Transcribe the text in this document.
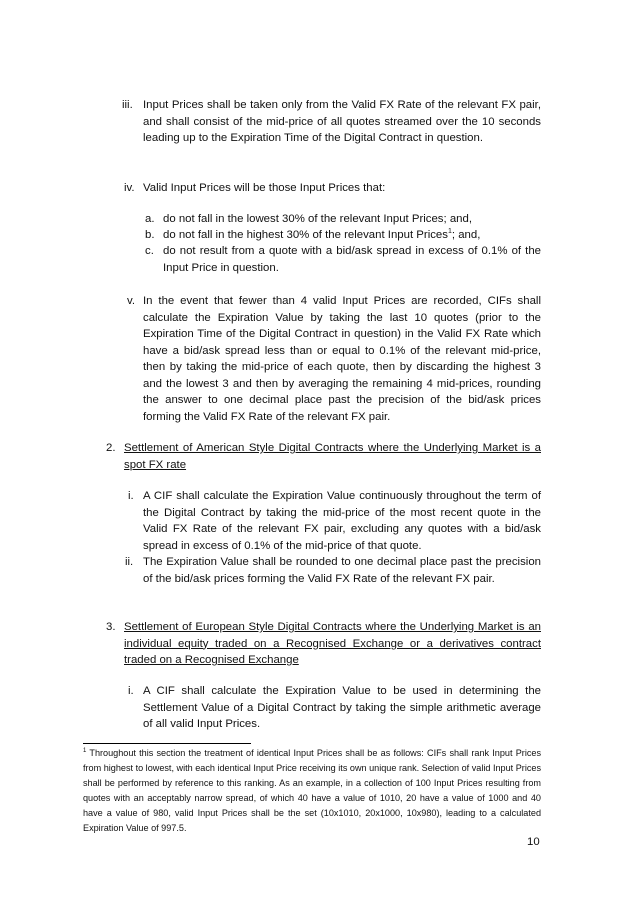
iii. Input Prices shall be taken only from the Valid FX Rate of the relevant FX pair, and shall consist of the mid-price of all quotes streamed over the 10 seconds leading up to the Expiration Time of the Digital Contract in question.
iv. Valid Input Prices will be those Input Prices that:
a. do not fall in the lowest 30% of the relevant Input Prices; and,
b. do not fall in the highest 30% of the relevant Input Prices$^1$; and,
c. do not result from a quote with a bid/ask spread in excess of 0.1% of the Input Price in question.
v. In the event that fewer than 4 valid Input Prices are recorded, CIFs shall calculate the Expiration Value by taking the last 10 quotes (prior to the Expiration Time of the Digital Contract in question) in the Valid FX Rate which have a bid/ask spread less than or equal to 0.1% of the relevant mid-price, then by taking the mid-price of each quote, then by discarding the highest 3 and the lowest 3 and then by averaging the remaining 4 mid-prices, rounding the answer to one decimal place past the precision of the bid/ask prices forming the Valid FX Rate of the relevant FX pair.
2. Settlement of American Style Digital Contracts where the Underlying Market is a spot FX rate
i. A CIF shall calculate the Expiration Value continuously throughout the term of the Digital Contract by taking the mid-price of the most recent quote in the Valid FX Rate of the relevant FX pair, excluding any quotes with a bid/ask spread in excess of 0.1% of the mid-price of that quote.
ii. The Expiration Value shall be rounded to one decimal place past the precision of the bid/ask prices forming the Valid FX Rate of the relevant FX pair.
3. Settlement of European Style Digital Contracts where the Underlying Market is an individual equity traded on a Recognised Exchange or a derivatives contract traded on a Recognised Exchange
i. A CIF shall calculate the Expiration Value to be used in determining the Settlement Value of a Digital Contract by taking the simple arithmetic average of all valid Input Prices.
$^1$ Throughout this section the treatment of identical Input Prices shall be as follows: CIFs shall rank Input Prices from highest to lowest, with each identical Input Price receiving its own unique rank. Selection of valid Input Prices shall be performed by reference to this ranking. As an example, in a collection of 100 Input Prices resulting from quotes with an acceptably narrow spread, of which 40 have a value of 1010, 20 have a value of 1000 and 40 have a value of 980, valid Input Prices shall be the set (10x1010, 20x1000, 10x980), leading to a calculated Expiration Value of 997.5.
10
